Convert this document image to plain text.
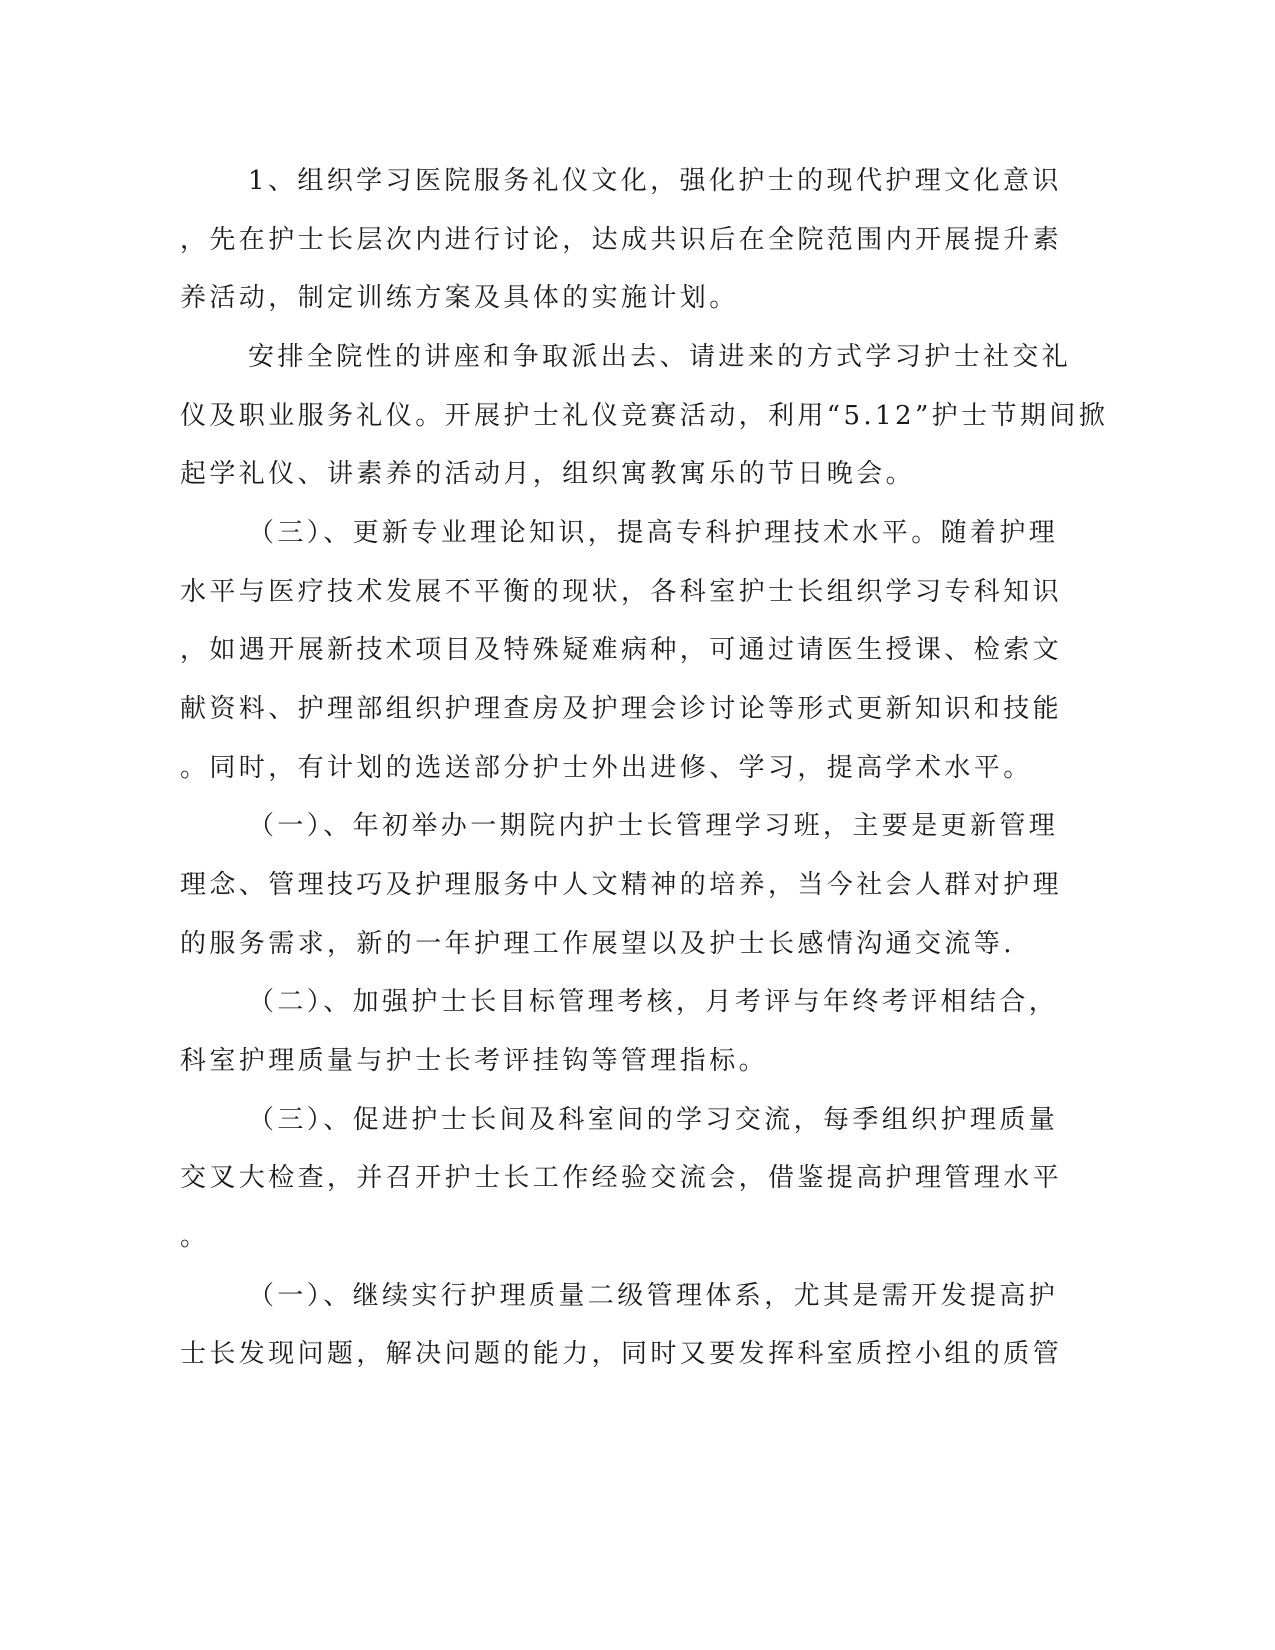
1、组织学习医院服务礼仪文化，强化护士的现代护理文化意识

，先在护士长层次内进行讨论，达成共识后在全院范围内开展提升素

养活动，制定训练方案及具体的实施计划。

安排全院性的讲座和争取派出去、请进来的方式学习护士社交礼

仪及职业服务礼仪。开展护士礼仪竞赛活动，利用“5.12”护士节期间掀

起学礼仪、讲素养的活动月，组织寓教寓乐的节日晚会。

（三）、更新专业理论知识，提高专科护理技术水平。随着护理

水平与医疗技术发展不平衡的现状，各科室护士长组织学习专科知识

，如遇开展新技术项目及特殊疑难病种，可通过请医生授课、检索文

献资料、护理部组织护理查房及护理会诊讨论等形式更新知识和技能

。同时，有计划的选送部分护士外出进修、学习，提高学术水平。

（一）、年初举办一期院内护士长管理学习班，主要是更新管理

理念、管理技巧及护理服务中人文精神的培养，当今社会人群对护理

的服务需求，新的一年护理工作展望以及护士长感情沟通交流等.

（二）、加强护士长目标管理考核，月考评与年终考评相结合，

科室护理质量与护士长考评挂钩等管理指标。

（三）、促进护士长间及科室间的学习交流，每季组织护理质量

交叉大检查，并召开护士长工作经验交流会，借鉴提高护理管理水平

。

（一）、继续实行护理质量二级管理体系，尤其是需开发提高护

士长发现问题，解决问题的能力，同时又要发挥科室质控小组的质管
